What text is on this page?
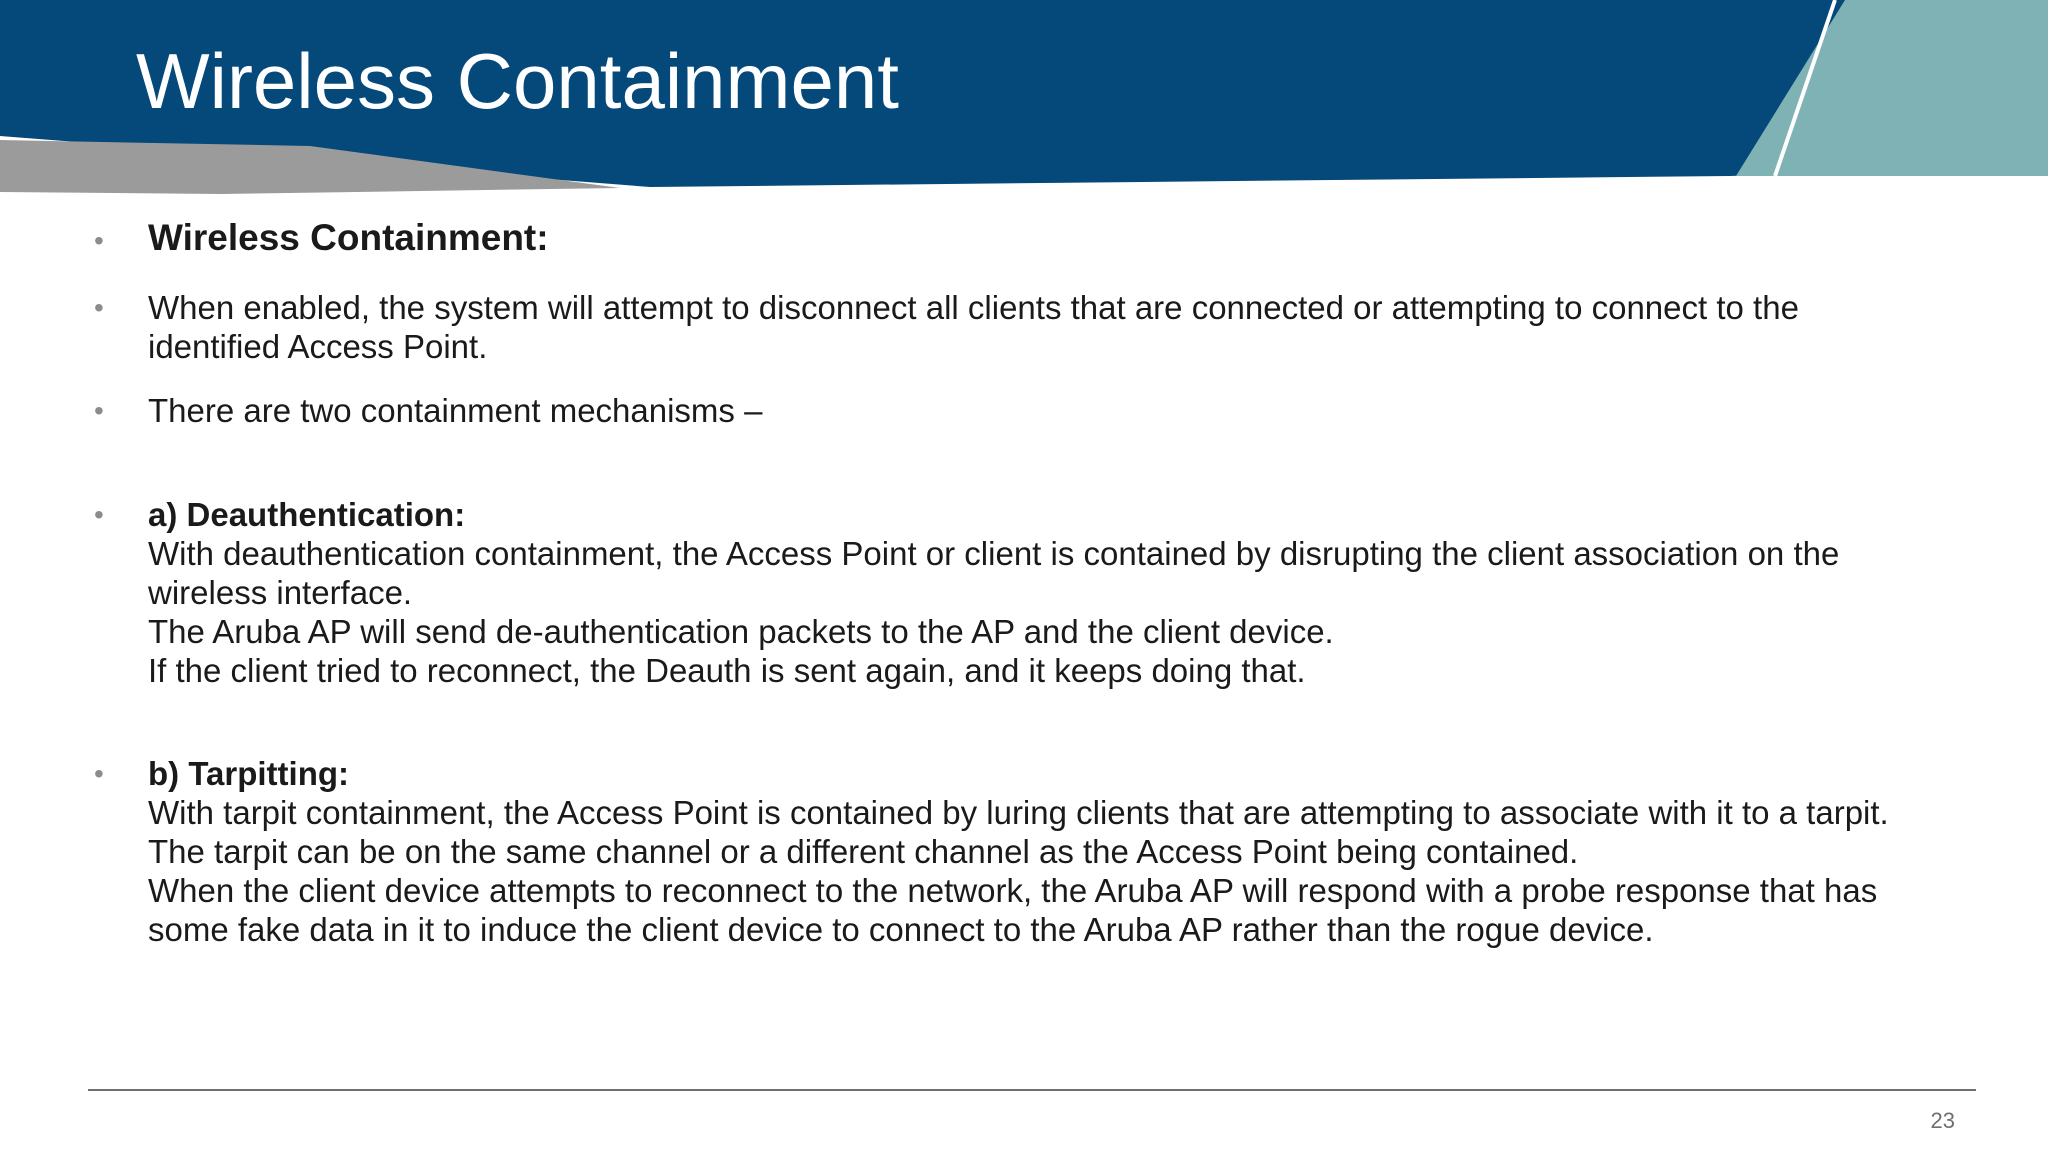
Wireless Containment
• Wireless Containment:
•	When enabled, the system will attempt to disconnect all clients that are connected or attempting to connect to the
identified Access Point.
•	There are two containment mechanisms –
•	a) Deauthentication:
With deauthentication containment, the Access Point or client is contained by disrupting the client association on the
wireless interface.
The Aruba AP will send de-authentication packets to the AP and the client device.
If the client tried to reconnect, the Deauth is sent again, and it keeps doing that.
•	b) Tarpitting:
With tarpit containment, the Access Point is contained by luring clients that are attempting to associate with it to a tarpit.
The tarpit can be on the same channel or a different channel as the Access Point being contained.
When the client device attempts to reconnect to the network, the Aruba AP will respond with a probe response that has
some fake data in it to induce the client device to connect to the Aruba AP rather than the rogue device.
23
